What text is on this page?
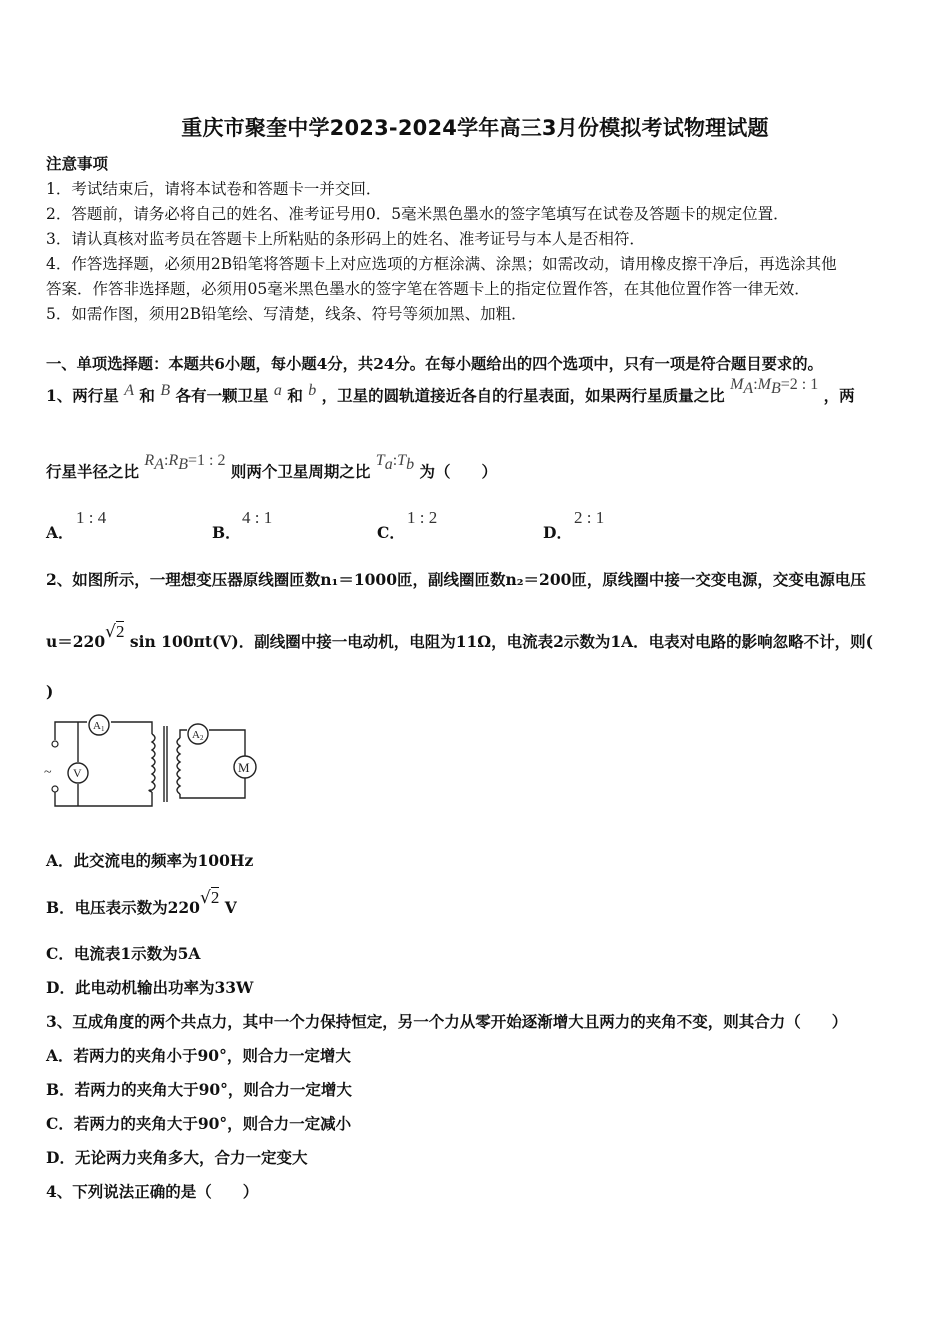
重庆市聚奎中学2023-2024学年高三3月份模拟考试物理试题
注意事项
1．考试结束后，请将本试卷和答题卡一并交回．
2．答题前，请务必将自己的姓名、准考证号用0．5毫米黑色墨水的签字笔填写在试卷及答题卡的规定位置．
3．请认真核对监考员在答题卡上所粘贴的条形码上的姓名、准考证号与本人是否相符．
4．作答选择题，必须用2B铅笔将答题卡上对应选项的方框涂满、涂黑；如需改动，请用橡皮擦干净后，再选涂其他
答案．作答非选择题，必须用05毫米黑色墨水的签字笔在答题卡上的指定位置作答，在其他位置作答一律无效．
5．如需作图，须用2B铅笔绘、写清楚，线条、符号等须加黑、加粗．
一、单项选择题：本题共6小题，每小题4分，共24分。在每小题给出的四个选项中，只有一项是符合题目要求的。
1、两行星 A 和 B 各有一颗卫星 a 和 b ，卫星的圆轨道接近各自的行星表面，如果两行星质量之比 $M_A:M_B=2$ : 1 ，两
行星半径之比 $R_A:R_B=1$ : 2 则两个卫星周期之比 $T_a:T_b$ 为（　　）
A．
1 : 4
B．
4 : 1
C．
1 : 2
D．
2 : 1
2、如图所示，一理想变压器原线圈匝数n₁＝1000匝，副线圈匝数n₂＝200匝，原线圈中接一交变电源，交变电源电压
u＝220√2 sin 100πt(V)．副线圈中接一电动机，电阻为11Ω，电流表2示数为1A．电表对电路的影响忽略不计，则(
)
~
A1	A2
V	M
A．此交流电的频率为100Hz
B．电压表示数为220√2 V
C．电流表1示数为5A
D．此电动机输出功率为33W
3、互成角度的两个共点力，其中一个力保持恒定，另一个力从零开始逐渐增大且两力的夹角不变，则其合力（　　）
A．若两力的夹角小于90°，则合力一定增大
B．若两力的夹角大于90°，则合力一定增大
C．若两力的夹角大于90°，则合力一定减小
D．无论两力夹角多大，合力一定变大
4、下列说法正确的是（　　）
